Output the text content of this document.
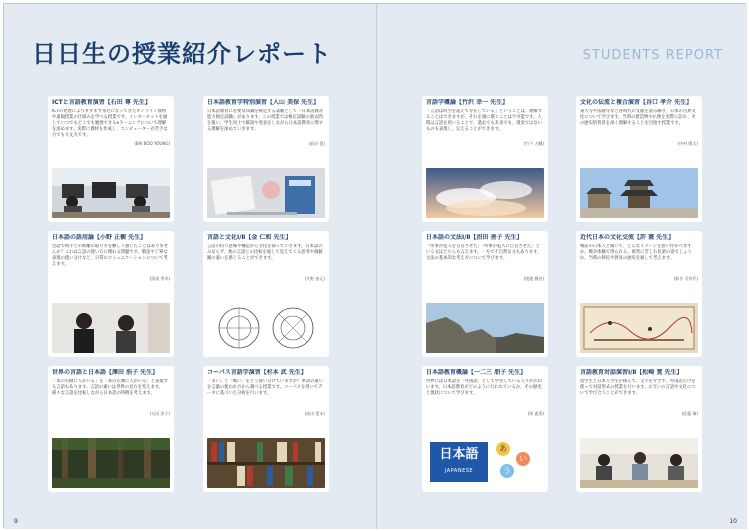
日日生の授業紹介レポート
9
ICTと言語教育演習【石田 尊 先生】
ICTの発達によりますます身近になってきたオンライン教材や遠隔授業の仕組みを学べる授業です。インターネットを通じていつでもどこでも勉強できるeラーニングについて理解を深めます。実際に教材を作成し、コンピューターが苦手な方でも大丈夫です。
(BAI BOO YOUNG)
日本語教育学特別演習【入山 美保 先生】
日本語教育に必要な知識を検定する試験として『日本語教育能力検定試験』があります。この授業では検定試験の過去問を扱い、学生同士で解説や発表をしながら日本語教育に関する理解を深めていきます。
(前田 愛)
日本語の語用論【小野 正樹 先生】
会話で相手との距離の取り方を難しく感じたことはありませんか？これは言語の使い方に関わる問題です。敬語や丁寧な表現の使い分けなど、日常のコミュニケーションについて考えます。
(黒須 秀実)
言語と文化Ⅰ/Ⅱ【金 仁和 先生】
言語の持つ意味や構造から文化を探っていきます。日本語のみならず、他の言語との比較を通して見えてくる思考や価値観の違いを感じることができます。
(矢野 裕元)
世界の言語と日本語【澤田 浩子 先生】
「本の右側に人がいる」を「本の左側に人がいる」と表現する言語もあります。言語の違いは世界の見方を変えます。様々な言語を比較しながら日本語の特徴を考えます。
(太田 涼子)
コーパス言語学演習【杉本 武 先生】
「争い」と「戦い」をどう使い分けていますか？単語の違いを言葉の使われ方から調べる授業です。コーパスを用いてデータに基づいた分析を行います。
(高田 愛未)
STUDENTS REPORT
10
言語学概論【竹沢 幸一 先生】
「言語は時空を超えて存在している」ということは、理解することはできますが、それを頭に描くことは不可能です。人間は言語を用いることで、過去でも未来でも、現実ではないものも表現し、伝えることができます。
(竹下 大輔)
文化の伝流と複合演習【谷口 孝介 先生】
東大寺や法隆寺など各時代の文献を読み解き、日本の古典文化について学びます。当時の建造物や仏像を実際に訪れ、その歴史的背景を深く理解することを目指す授業です。
(中村 陽太)
日本語の文法Ⅰ/Ⅱ【沼田 善子 先生】
「所事が犯人を自首させた」「所事が犯人に自首させた」という文はどちらも言えます。一方で不自然な文もあります。文法の基本的な考え方について学びます。
(渡邊 鳳亮)
近代日本の文化交流【許 寰 先生】
戦前の日本人と聞いて、どんなイメージを思い浮かべますか。戦争体験で得られる、被害に苦しむ民衆の姿でしょうか。当時の移民や貿易の歴史を通して考えます。
(新谷 可奈代)
日本語教育概論【一二三 朋子 先生】
世界には日本語を「外国語」として学習している人々が沢山います。日本語教育がどのように行われているか、その歴史と現状について学びます。
(岡 遙菜)
日本語
JAPANESE
あ
い
う
言語教育対話演習Ⅰ/Ⅱ【松崎 寛 先生】
留学生と日本人学生が組んで、文字を介さず、外国語だけを使って対話形式の授業を行います。お互いの言語や文化について学び合うことができます。
(佐藤 瑞)
